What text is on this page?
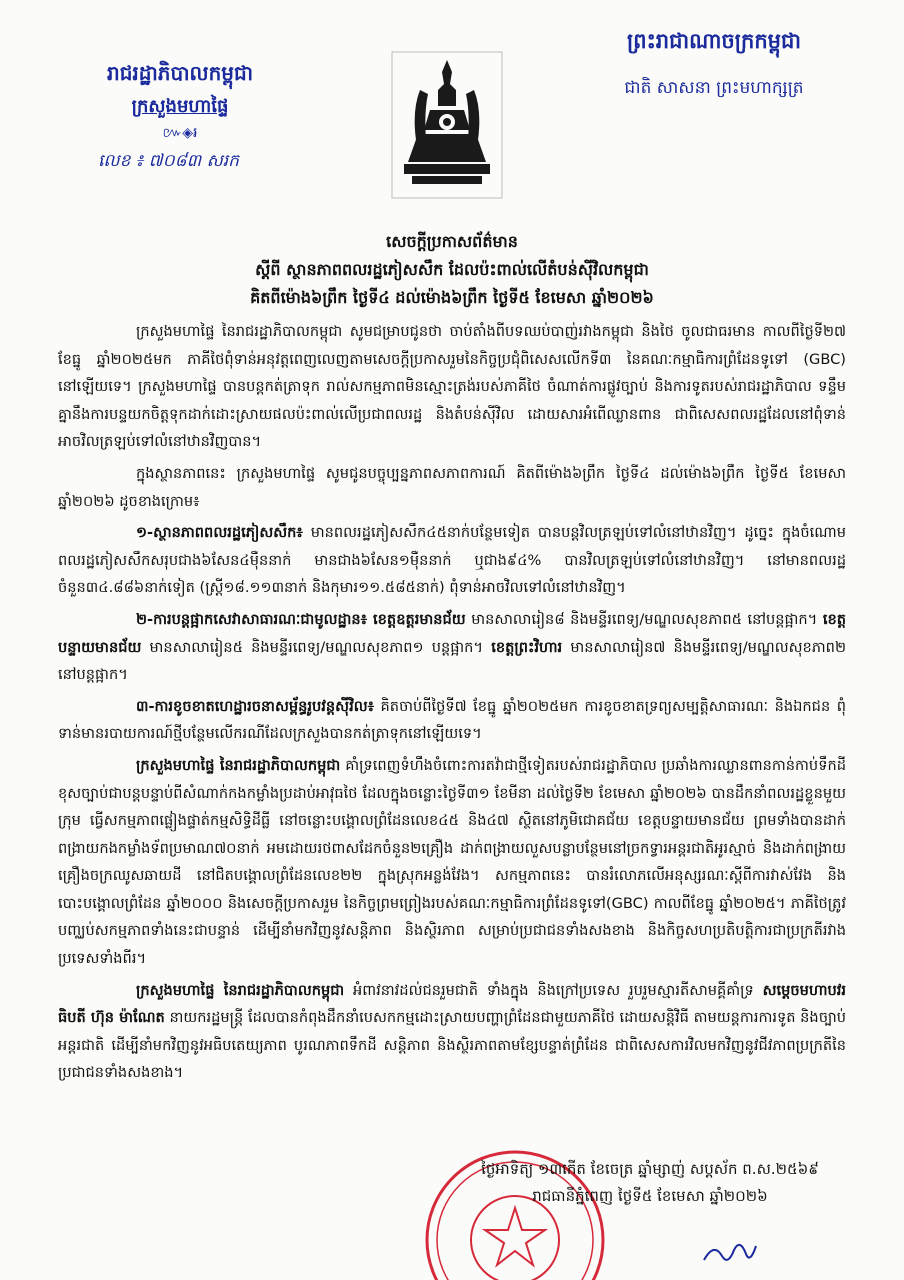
រាជរដ្ឋាភិបាលកម្ពុជា
ក្រសួងមហាផ្ទៃ
៚◈៛
លេខ ៖ ៧០៨៣ សរក
ព្រះរាជាណាចក្រកម្ពុជា
ជាតិ សាសនា ព្រះមហាក្សត្រ
សេចក្តីប្រកាសព័ត៌មាន
ស្តីពី ស្ថានភាពពលរដ្ឋភៀសសឹក ដែលប៉ះពាល់លើតំបន់ស៊ីវិលកម្ពុជា
គិតពីម៉ោង៦ព្រឹក ថ្ងៃទី៤ ដល់ម៉ោង៦ព្រឹក ថ្ងៃទី៥ ខែមេសា ឆ្នាំ២០២៦

ក្រសួងមហាផ្ទៃ នៃរាជរដ្ឋាភិបាលកម្ពុជា សូមជម្រាបជូនថា ចាប់តាំងពីបទឈប់បាញ់រវាងកម្ពុជា និងថៃ ចូលជាធរមាន កាលពីថ្ងៃទី២៧ ខែធ្នូ ឆ្នាំ២០២៥មក ភាគីថៃពុំទាន់អនុវត្តពេញលេញតាមសេចក្តីប្រកាសរួមនៃកិច្ចប្រជុំពិសេសលើកទី៣ នៃគណៈកម្មាធិការព្រំដែនទូទៅ (GBC) នៅឡើយទេ។ ក្រសួងមហាផ្ទៃ បានបន្តកត់ត្រាទុក រាល់សកម្មភាពមិនស្មោះត្រង់របស់ភាគីថៃ ចំណាត់ការផ្លូវច្បាប់ និងការទូតរបស់រាជរដ្ឋាភិបាល ទន្ទឹមគ្នានឹងការបន្ទយកចិត្តទុកដាក់ដោះស្រាយផលប៉ះពាល់លើប្រជាពលរដ្ឋ និងតំបន់ស៊ីវិល ដោយសារអំពើឈ្លានពាន ជាពិសេសពលរដ្ឋដែលនៅពុំទាន់អាចវិលត្រឡប់ទៅលំនៅឋានវិញបាន។

ក្នុងស្ថានភាពនេះ ក្រសួងមហាផ្ទៃ សូមជូនបច្ចុប្បន្នភាពសភាពការណ៍ គិតពីម៉ោង៦ព្រឹក ថ្ងៃទី៤ ដល់ម៉ោង៦ព្រឹក ថ្ងៃទី៥ ខែមេសា ឆ្នាំ២០២៦ ដូចខាងក្រោម៖

១-ស្ថានភាពពលរដ្ឋភៀសសឹក៖ មានពលរដ្ឋភៀសសឹក៤៥នាក់បន្ថែមទៀត បានបន្តវិលត្រឡប់ទៅលំនៅឋានវិញ។ ដូច្នេះ ក្នុងចំណោមពលរដ្ឋភៀសសឹកសរុបជាង៦សែន៤ម៉ឺននាក់ មានជាង៦សែន១ម៉ឺននាក់ ឬជាង៩៤% បានវិលត្រឡប់ទៅលំនៅឋានវិញ។ នៅមានពលរដ្ឋចំនួន៣៤.៨៨៦នាក់ទៀត (ស្ត្រី១៨.១១៣នាក់ និងកុមារ១១.៥៨៥នាក់) ពុំទាន់អាចវិលទៅលំនៅឋានវិញ។

២-ការបន្តផ្អាកសេវាសាធារណៈជាមូលដ្ឋាន៖ ខេត្តឧត្តរមានជ័យ មានសាលារៀន៨ និងមន្ទីរពេទ្យ/មណ្ឌលសុខភាព៥ នៅបន្តផ្អាក។ ខេត្តបន្ទាយមានជ័យ មានសាលារៀន៥ និងមន្ទីរពេទ្យ/មណ្ឌលសុខភាព១ បន្តផ្អាក។ ខេត្តព្រះវិហារ មានសាលារៀន៧ និងមន្ទីរពេទ្យ/មណ្ឌលសុខភាព២ នៅបន្តផ្អាក។

៣-ការខូចខាតហេដ្ឋារចនាសម្ព័ន្ធរូបវន្តស៊ីវិល៖ គិតចាប់ពីថ្ងៃទី៧ ខែធ្នូ ឆ្នាំ២០២៥មក ការខូចខាតទ្រព្យសម្បត្តិសាធារណៈ និងឯកជន ពុំទាន់មានរបាយការណ៍ថ្មីបន្ថែមលើករណីដែលក្រសួងបានកត់ត្រាទុកនៅឡើយទេ។

ក្រសួងមហាផ្ទៃ នៃរាជរដ្ឋាភិបាលកម្ពុជា គាំទ្រពេញទំហឹងចំពោះការតវ៉ាជាថ្មីទៀតរបស់រាជរដ្ឋាភិបាល ប្រឆាំងការឈ្លានពានកាន់កាប់ទឹកដីខុសច្បាប់ជាបន្តបន្ទាប់ពីសំណាក់កងកម្លាំងប្រដាប់អាវុធថៃ ដែលក្នុងចន្លោះថ្ងៃទី៣១ ខែមីនា ដល់ថ្ងៃទី២ ខែមេសា ឆ្នាំ២០២៦ បានដឹកនាំពលរដ្ឋខ្លួនមួយក្រុម ធ្វើសកម្មភាពផ្លៀងផ្ទាត់កម្មសិទ្ធិដីធ្លី នៅចន្លោះបង្គោលព្រំដែនលេខ៤៥ និង៤៧ ស្ថិតនៅភូមិជោគជ័យ ខេត្តបន្ទាយមានជ័យ ព្រមទាំងបានដាក់ពង្រាយកងកម្លាំងទ័ពប្រមាណ៧០នាក់ អមដោយរថពាសដែកចំនួន២គ្រឿង ដាក់ពង្រាយលួសបន្លាបន្ថែមនៅច្រកទ្វារអន្តរជាតិអូរស្មាច់ និងដាក់ពង្រាយគ្រឿងចក្រឈូសឆាយដី នៅជិតបង្គោលព្រំដែនលេខ២២ ក្នុងស្រុកអន្លង់វែង។ សកម្មភាពនេះ បានរំលោភលើអនុស្សរណៈស្តីពីការវាស់វែង និងបោះបង្គោលព្រំដែន ឆ្នាំ២០០០ និងសេចក្តីប្រកាសរួម នៃកិច្ចព្រមព្រៀងរបស់គណៈកម្មាធិការព្រំដែនទូទៅ(GBC) កាលពីខែធ្នូ ឆ្នាំ២០២៥។ ភាគីថៃត្រូវបញ្ឈប់សកម្មភាពទាំងនេះជាបន្ទាន់ ដើម្បីនាំមកវិញនូវសន្តិភាព និងស្ថិរភាព សម្រាប់ប្រជាជនទាំងសងខាង និងកិច្ចសហប្រតិបត្តិការជាប្រក្រតីរវាងប្រទេសទាំងពីរ។

ក្រសួងមហាផ្ទៃ នៃរាជរដ្ឋាភិបាលកម្ពុជា អំពាវនាវដល់ជនរួមជាតិ ទាំងក្នុង និងក្រៅប្រទេស រួបរួមស្មារតីសាមគ្គីគាំទ្រ សម្តេចមហាបវរធិបតី ហ៊ុន ម៉ាណែត នាយករដ្ឋមន្ត្រី ដែលបានកំពុងដឹកនាំបេសកកម្មដោះស្រាយបញ្ហាព្រំដែនជាមួយភាគីថៃ ដោយសន្តិវិធី តាមយន្តការការទូត និងច្បាប់អន្តរជាតិ ដើម្បីនាំមកវិញនូវអធិបតេយ្យភាព បូរណភាពទឹកដី សន្តិភាព និងស្ថិរភាពតាមខ្សែបន្ទាត់ព្រំដែន ជាពិសេសការវិលមកវិញនូវជីវភាពប្រក្រតីនៃប្រជាជនទាំងសងខាង។

ថ្ងៃអាទិត្យ ១៣កើត ខែចេត្រ ឆ្នាំម្សាញ់ សប្តស័ក ព.ស.២៥៦៩
រាជធានីភ្នំពេញ ថ្ងៃទី៥ ខែមេសា ឆ្នាំ២០២៦
